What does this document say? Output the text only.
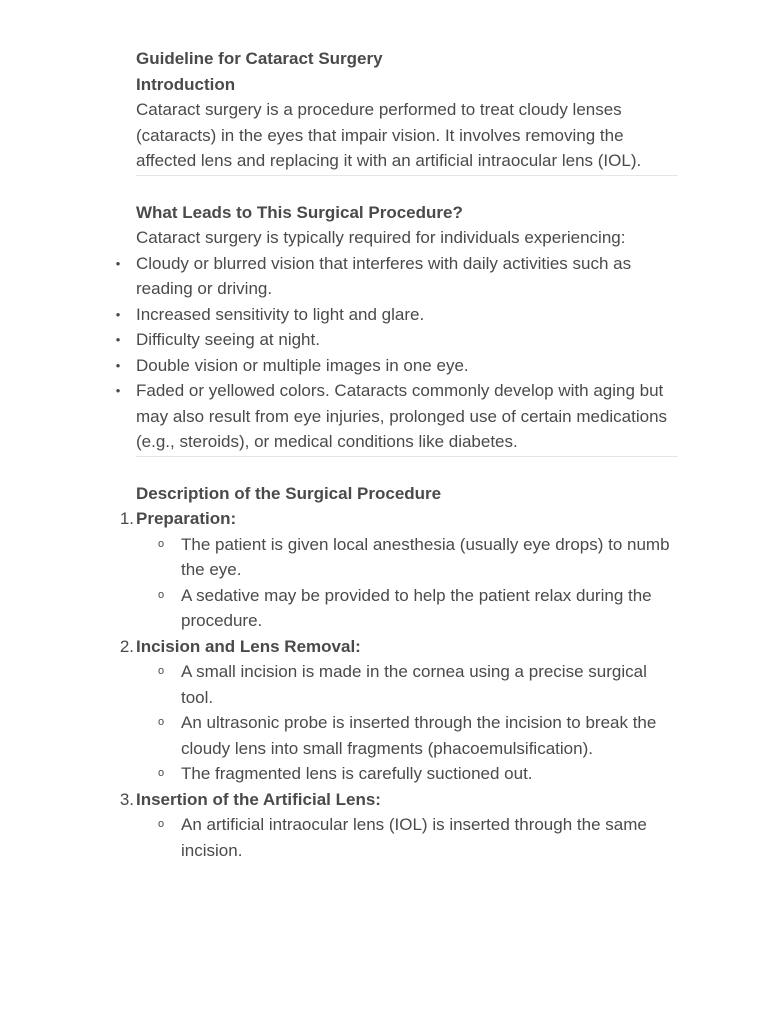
Guideline for Cataract Surgery
Introduction

Cataract surgery is a procedure performed to treat cloudy lenses (cataracts) in the eyes that impair vision. It involves removing the affected lens and replacing it with an artificial intraocular lens (IOL).

What Leads to This Surgical Procedure?

Cataract surgery is typically required for individuals experiencing:

• Cloudy or blurred vision that interferes with daily activities such as reading or driving.
• Increased sensitivity to light and glare.
• Difficulty seeing at night.
• Double vision or multiple images in one eye.
• Faded or yellowed colors. Cataracts commonly develop with aging but may also result from eye injuries, prolonged use of certain medications (e.g., steroids), or medical conditions like diabetes.
Description of the Surgical Procedure
1. Preparation:
o The patient is given local anesthesia (usually eye drops) to numb the eye.
o A sedative may be provided to help the patient relax during the procedure.
2. Incision and Lens Removal:
o A small incision is made in the cornea using a precise surgical tool.
o An ultrasonic probe is inserted through the incision to break the cloudy lens into small fragments (phacoemulsification).
o The fragmented lens is carefully suctioned out.
3. Insertion of the Artificial Lens:
o An artificial intraocular lens (IOL) is inserted through the same incision.
